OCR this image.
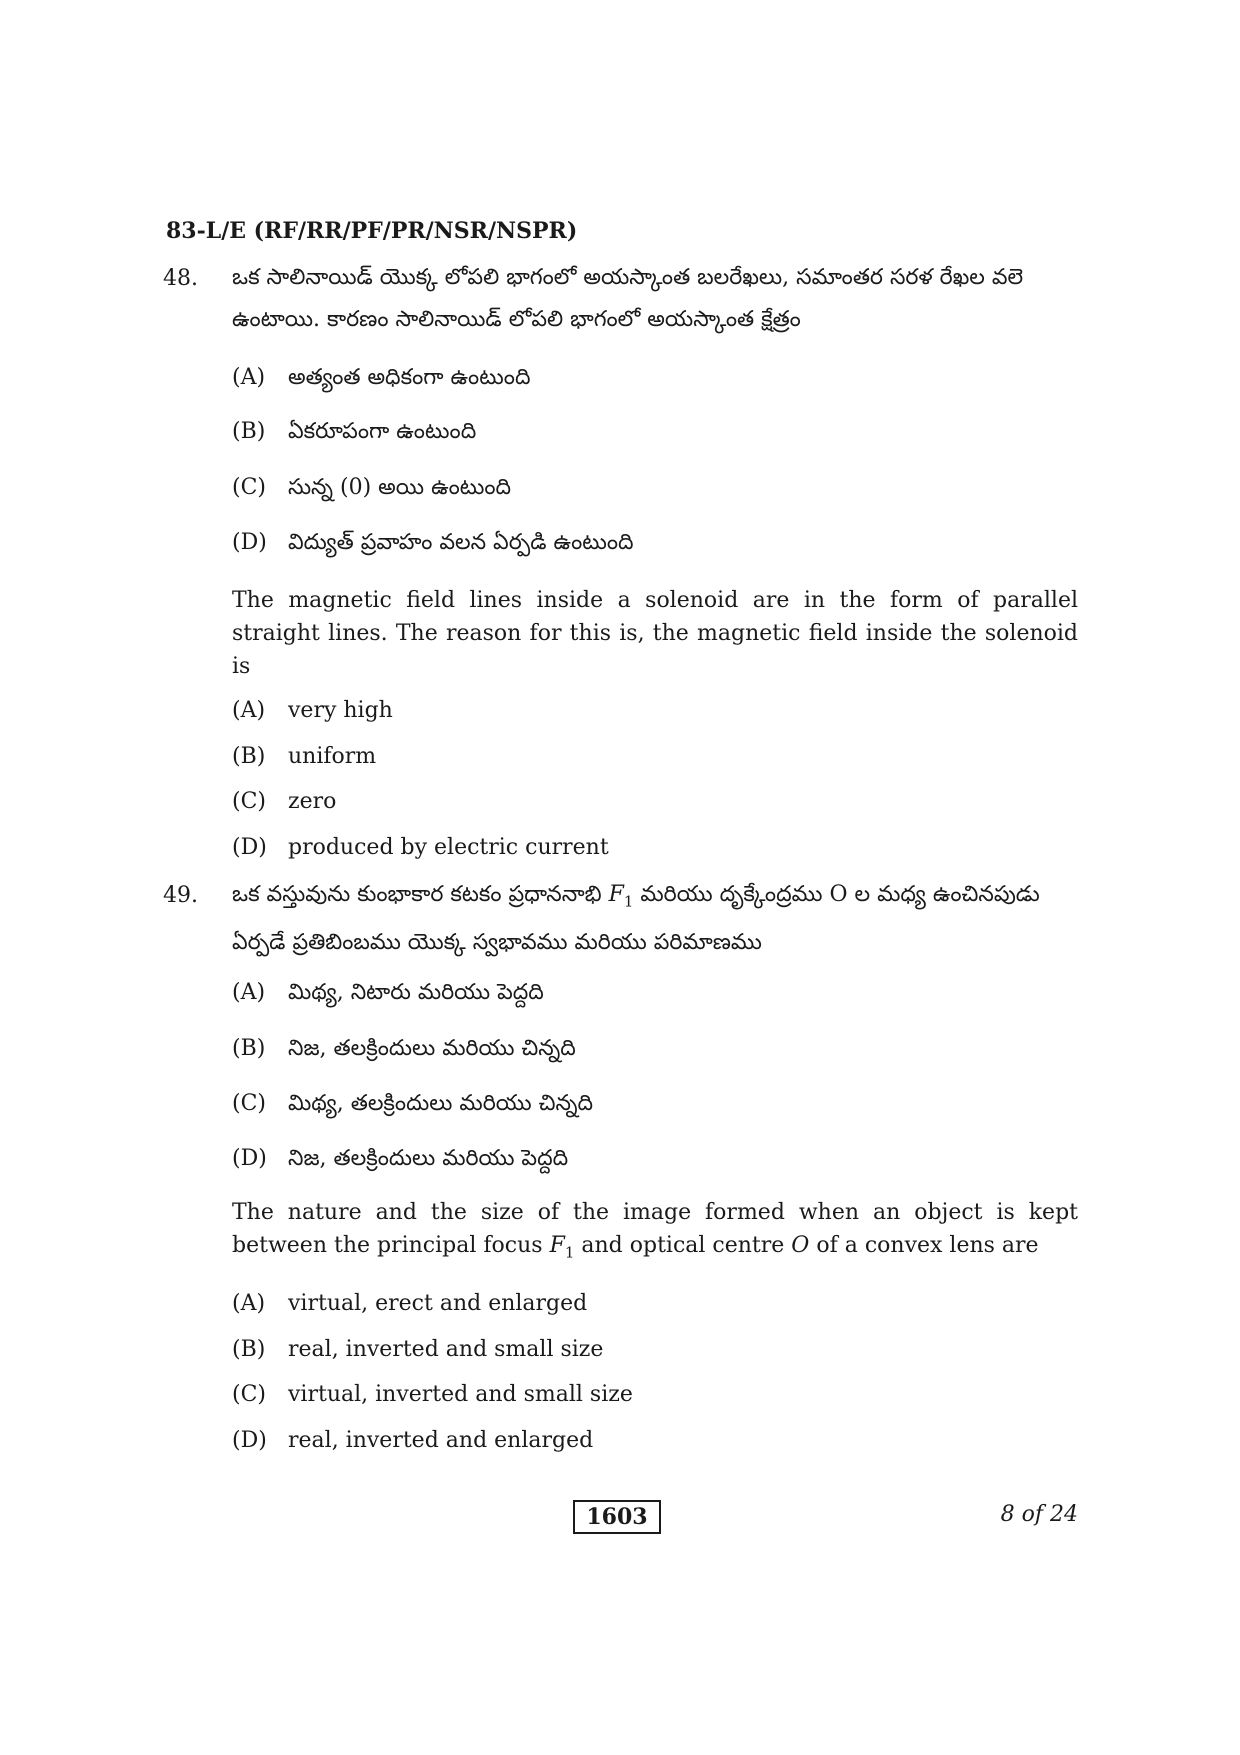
83-L/E (RF/RR/PF/PR/NSR/NSPR)
48. ఒక సాలినాయిడ్ యొక్క లోపలి భాగంలో అయస్కాంత బలరేఖలు, సమాంతర సరళ రేఖల వలె ఉంటాయి. కారణం సాలినాయిడ్ లోపలి భాగంలో అయస్కాంత క్షేత్రం

(A) అత్యంత అధికంగా ఉంటుంది
(B) ఏకరూపంగా ఉంటుంది
(C) సున్న (0) అయి ఉంటుంది
(D) విద్యుత్ ప్రవాహం వలన ఏర్పడి ఉంటుంది

The magnetic field lines inside a solenoid are in the form of parallel straight lines. The reason for this is, the magnetic field inside the solenoid is

(A) very high
(B) uniform
(C) zero
(D) produced by electric current
49. ఒక వస్తువును కుంభాకార కటకం ప్రధాననాభి $F_1$ మరియు దృక్కేంద్రము O ల మధ్య ఉంచినపుడు ఏర్పడే ప్రతిబింబము యొక్క స్వభావము మరియు పరిమాణము

(A) మిథ్య, నిటారు మరియు పెద్దది
(B) నిజ, తలక్రిందులు మరియు చిన్నది
(C) మిథ్య, తలక్రిందులు మరియు చిన్నది
(D) నిజ, తలక్రిందులు మరియు పెద్దది

The nature and the size of the image formed when an object is kept between the principal focus $F_1$ and optical centre O of a convex lens are

(A) virtual, erect and enlarged
(B) real, inverted and small size
(C) virtual, inverted and small size
(D) real, inverted and enlarged
1603	8 of 24
